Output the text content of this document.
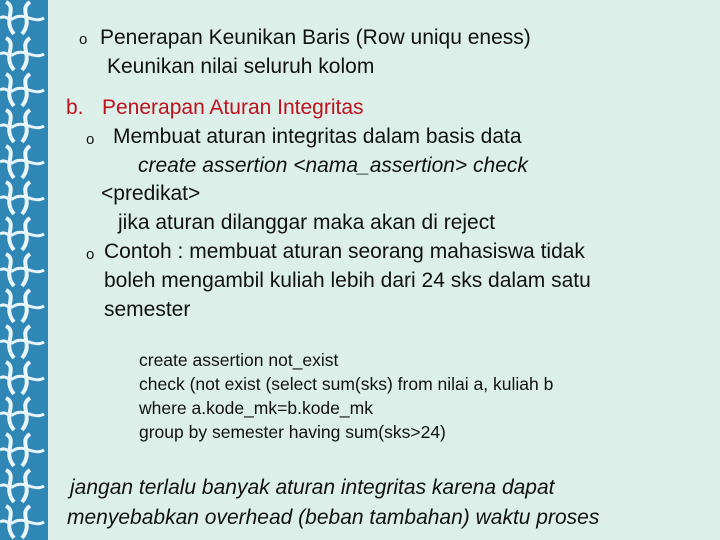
o Penerapan Keunikan Baris (Row uniqu eness)
Keunikan nilai seluruh kolom
b. Penerapan Aturan Integritas
o Membuat aturan integritas dalam basis data
create assertion <nama_assertion> check
<predikat>
jika aturan dilanggar maka akan di reject
o Contoh : membuat aturan seorang mahasiswa tidak
boleh mengambil kuliah lebih dari 24 sks dalam satu
semester
create assertion not_exist
check (not exist (select sum(sks) from nilai a, kuliah b
where a.kode_mk=b.kode_mk
group by semester having sum(sks>24)
jangan terlalu banyak aturan integritas karena dapat
menyebabkan overhead (beban tambahan) waktu proses
